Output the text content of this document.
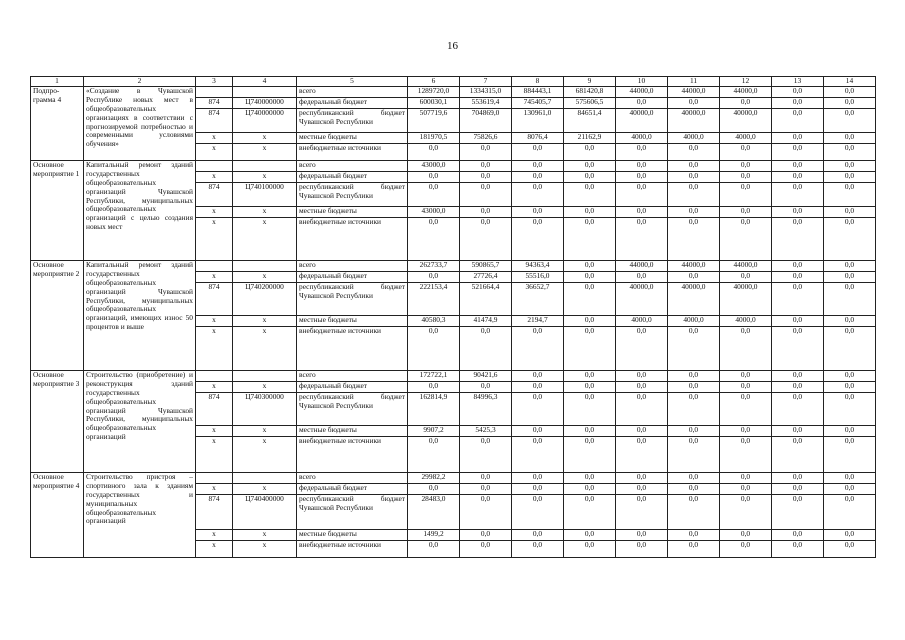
16
1	2	3	4	5	6	7	8	9	10	11	12	13	14
Подпро-грамма 4	«Создание в Чувашской Республике новых мест в общеобразовательных организациях в соответствии с прогнозируемой потребностью и современными условиями обучения»			всего	1289720,0	1334315,0	884443,1	681420,8	44000,0	44000,0	44000,0	0,0	0,0
		874	Ц740000000	федеральный бюджет	600030,1	553619,4	745405,7	575606,5	0,0	0,0	0,0	0,0	0,0
		874	Ц740000000	республиканский бюджет Чувашской Республики	507719,6	704869,0	130961,0	84651,4	40000,0	40000,0	40000,0	0,0	0,0
		х	х	местные бюджеты	181970,5	75826,6	8076,4	21162,9	4000,0	4000,0	4000,0	0,0	0,0
		х	х	внебюджетные источники	0,0	0,0	0,0	0,0	0,0	0,0	0,0	0,0	0,0
Основное мероприятие 1	Капитальный ремонт зданий государственных общеобразовательных организаций Чувашской Республики, муниципальных общеобразовательных организаций с целью создания новых мест			всего	43000,0	0,0	0,0	0,0	0,0	0,0	0,0	0,0	0,0
		х	х	федеральный бюджет	0,0	0,0	0,0	0,0	0,0	0,0	0,0	0,0	0,0
		874	Ц740100000	республиканский бюджет Чувашской Республики	0,0	0,0	0,0	0,0	0,0	0,0	0,0	0,0	0,0
		х	х	местные бюджеты	43000,0	0,0	0,0	0,0	0,0	0,0	0,0	0,0	0,0
		х	х	внебюджетные источники	0,0	0,0	0,0	0,0	0,0	0,0	0,0	0,0	0,0
Основное мероприятие 2	Капитальный ремонт зданий государственных общеобразовательных организаций Чувашской Республики, муниципальных общеобразовательных организаций, имеющих износ 50 процентов и выше			всего	262733,7	590865,7	94363,4	0,0	44000,0	44000,0	44000,0	0,0	0,0
		х	х	федеральный бюджет	0,0	27726,4	55516,0	0,0	0,0	0,0	0,0	0,0	0,0
		874	Ц740200000	республиканский бюджет Чувашской Республики	222153,4	521664,4	36652,7	0,0	40000,0	40000,0	40000,0	0,0	0,0
		х	х	местные бюджеты	40580,3	41474,9	2194,7	0,0	4000,0	4000,0	4000,0	0,0	0,0
		х	х	внебюджетные источники	0,0	0,0	0,0	0,0	0,0	0,0	0,0	0,0	0,0
Основное мероприятие 3	Строительство (приобретение) и реконструкция зданий государственных общеобразовательных организаций Чувашской Республики, муниципальных общеобразовательных организаций			всего	172722,1	90421,6	0,0	0,0	0,0	0,0	0,0	0,0	0,0
		х	х	федеральный бюджет	0,0	0,0	0,0	0,0	0,0	0,0	0,0	0,0	0,0
		874	Ц740300000	республиканский бюджет Чувашской Республики	162814,9	84996,3	0,0	0,0	0,0	0,0	0,0	0,0	0,0
		х	х	местные бюджеты	9907,2	5425,3	0,0	0,0	0,0	0,0	0,0	0,0	0,0
		х	х	внебюджетные источники	0,0	0,0	0,0	0,0	0,0	0,0	0,0	0,0	0,0
Основное мероприятие 4	Строительство пристроя – спортивного зала к зданиям государственных и муниципальных общеобразовательных организаций			всего	29982,2	0,0	0,0	0,0	0,0	0,0	0,0	0,0	0,0
		х	х	федеральный бюджет	0,0	0,0	0,0	0,0	0,0	0,0	0,0	0,0	0,0
		874	Ц740400000	республиканский бюджет Чувашской Республики	28483,0	0,0	0,0	0,0	0,0	0,0	0,0	0,0	0,0
		х	х	местные бюджеты	1499,2	0,0	0,0	0,0	0,0	0,0	0,0	0,0	0,0
		х	х	внебюджетные источники	0,0	0,0	0,0	0,0	0,0	0,0	0,0	0,0	0,0
